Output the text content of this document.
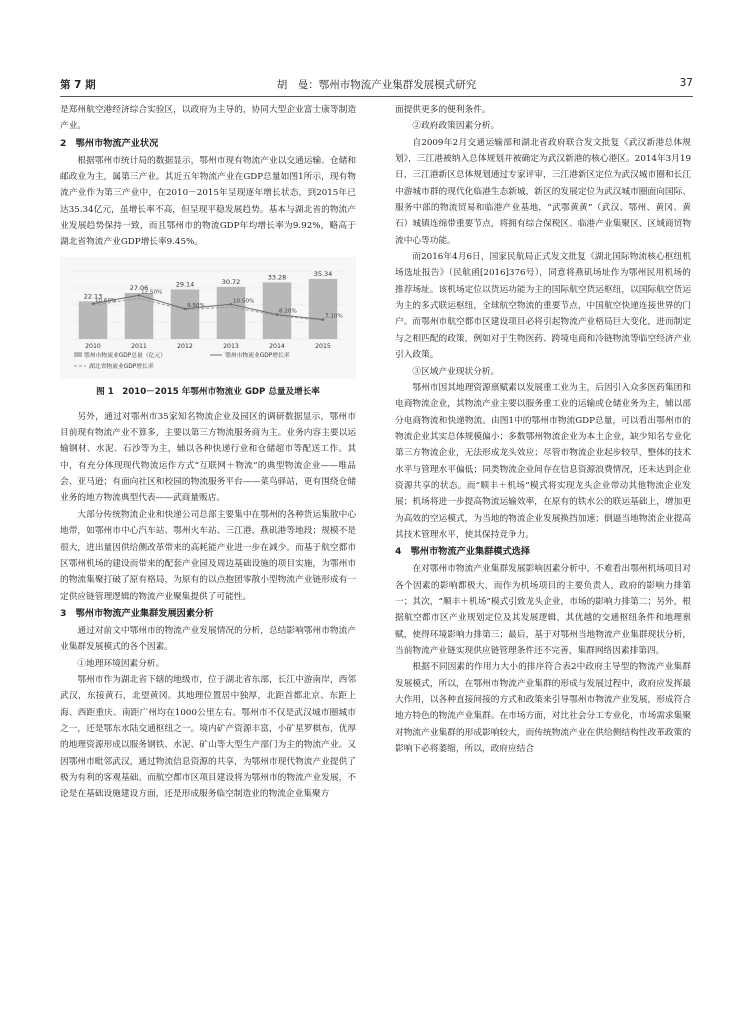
第 7 期	胡　曼：鄂州市物流产业集群发展模式研究	37

是郑州航空港经济综合实验区，以政府为主导的，协同大型企业富士康等制造产业。

2　鄂州市物流产业状况

根据鄂州市统计局的数据显示，鄂州市现有物流产业以交通运输、仓储和邮政业为主，属第三产业。其近五年物流产业在GDP总量如图1所示，现有物流产业作为第三产业中，在2010－2015年呈现逐年增长状态，到2015年已达35.34亿元，虽增长率不高，但呈现平稳发展趋势。基本与湖北省的物流产业发展趋势保持一致，而且鄂州市的物流GDP年均增长率为9.92%，略高于湖北省物流产业GDP增长率9.45%。

22.13
2010
27.06
2011
29.14
2012
30.72
2013
33.28
2014
35.34
2015
10.60%
12.50%
9.50%
10.50%
8.20%
7.10%
鄂州市物流业GDP总量（亿元）	鄂州市物流业GDP增长率
湖北省物流业GDP增长率
图 1　2010－2015 年鄂州市物流业 GDP 总量及增长率

另外，通过对鄂州市35家知名物流企业及园区的调研数据显示，鄂州市目前现有物流产业不算多，主要以第三方物流服务商为主。业务内容主要以运输钢材、水泥、石沙等为主，辅以各种快递行业和仓储超市等配送工作。其中，有充分体现现代物流运作方式“互联网＋物流”的典型物流企业——唯品会、亚马逊；有面向社区和校园的物流服务平台——菜鸟驿站，更有围绕仓储业务的地方物流典型代表——武商量贩店。

大部分传统物流企业和快递公司总部主要集中在鄂州的各种货运集散中心地带，如鄂州市中心汽车站、鄂州火车站、三江港、燕矶港等地段；规模不是很大，进出量因供给侧改革带来的高耗能产业进一步在减少。而基于航空都市区鄂州机场的建设而带来的配套产业园及周边基础设施的项目实施，为鄂州市的物流集聚打破了原有格局，为原有的以点抱团零散小型物流产业链形成有一定供应链管理逻辑的物流产业聚集提供了可能性。

3　鄂州市物流产业集群发展因素分析

通过对前文中鄂州市的物流产业发展情况的分析，总结影响鄂州市物流产业集群发展模式的各个因素。

①地理环境因素分析。

鄂州市作为湖北省下辖的地级市，位于湖北省东部，长江中游南岸，西邻武汉，东接黄石，北望黄冈。其地理位置居中独厚，北距首都北京、东距上海、西距重庆、南距广州均在1000公里左右。鄂州市不仅是武汉城市圈城市之一，还是鄂东水陆交通枢纽之一。境内矿产资源丰富，小矿星罗棋布，优厚的地理资源形成以服务钢铁、水泥、矿山等大型生产部门为主的物流产业。又因鄂州市毗邻武汉，通过物流信息资源的共享，为鄂州市现代物流产业提供了极为有利的客观基础。而航空都市区项目建设将为鄂州市的物流产业发展，不论是在基础设施建设方面，还是形成服务临空制造业的物流企业集聚方

面提供更多的便利条件。

②政府政策因素分析。

自2009年2月交通运输部和湖北省政府联合发文批复《武汉新港总体规划》，三江港被纳入总体规划并被确定为武汉新港的核心港区。2014年3月19日，三江港新区总体规划通过专家评审，三江港新区定位为武汉城市圈和长江中游城市群的现代化临港生态新城，新区的发展定位为武汉城市圈面向国际、服务中部的物流贸易和临港产业基地，“武鄂黄黄”（武汉、鄂州、黄冈、黄石）城镇连绵带重要节点，将拥有综合保税区、临港产业集聚区、区域商贸物流中心等功能。

而2016年4月6日，国家民航局正式发文批复《湖北国际物流核心枢纽机场选址报告》（民航函[2016]376号），同意将燕矶场址作为鄂州民用机场的推荐场址。该机场定位以货运功能为主的国际航空货运枢纽，以国际航空货运为主的多式联运枢纽，全球航空物流的重要节点，中国航空快递连接世界的门户。而鄂州市航空都市区建设项目必将引起物流产业格局巨大变化，进而制定与之相匹配的政策，例如对于生物医药、跨境电商和冷链物流等临空经济产业引入政策。

③区域产业现状分析。

鄂州市因其地理资源禀赋素以发展重工业为主，后因引入众多医药集团和电商物流企业，其物流产业主要以服务重工业的运输或仓储业务为主，辅以部分电商物流和快递物流。由图1中的鄂州市物流GDP总量，可以看出鄂州市的物流企业其实总体规模偏小；多数鄂州物流企业为本土企业，缺少知名专业化第三方物流企业，无法形成龙头效应；尽管市物流企业起步较早，整体的技术水平与管理水平偏低；同类物流企业间存在信息资源浪费情况，还未达到企业资源共享的状态。而“顺丰＋机场”模式将实现龙头企业带动其他物流企业发展；机场将进一步提高物流运输效率，在原有的铁水公的联运基础上，增加更为高效的空运模式，为当地的物流企业发展换挡加速；倒逼当地物流企业提高其技术管理水平，使其保持竞争力。

4　鄂州市物流产业集群模式选择

在对鄂州市物流产业集群发展影响因素分析中，不难看出鄂州机场项目对各个因素的影响都极大，而作为机场项目的主要负责人，政府的影响力排第一；其次，“顺丰＋机场”模式引致龙头企业，市场的影响力排第二；另外，根据航空都市区产业规划定位及其发展逻辑，其优越的交通枢纽条件和地理禀赋，使得环境影响力排第三；最后，基于对鄂州当地物流产业集群现状分析，当前物流产业链实现供应链管理条件还不完善，集群网络因素排第四。

根据不同因素的作用力大小的排序符合表2中政府主导型的物流产业集群发展模式，所以，在鄂州市物流产业集群的形成与发展过程中，政府应发挥最大作用，以各种直接间接的方式和政策来引导鄂州市物流产业发展，形成符合地方特色的物流产业集群。在市场方面，对比社会分工专业化，市场需求集聚对物流产业集群的形成影响较大，而传统物流产业在供给侧结构性改革政策的影响下必将萎缩，所以，政府应结合
